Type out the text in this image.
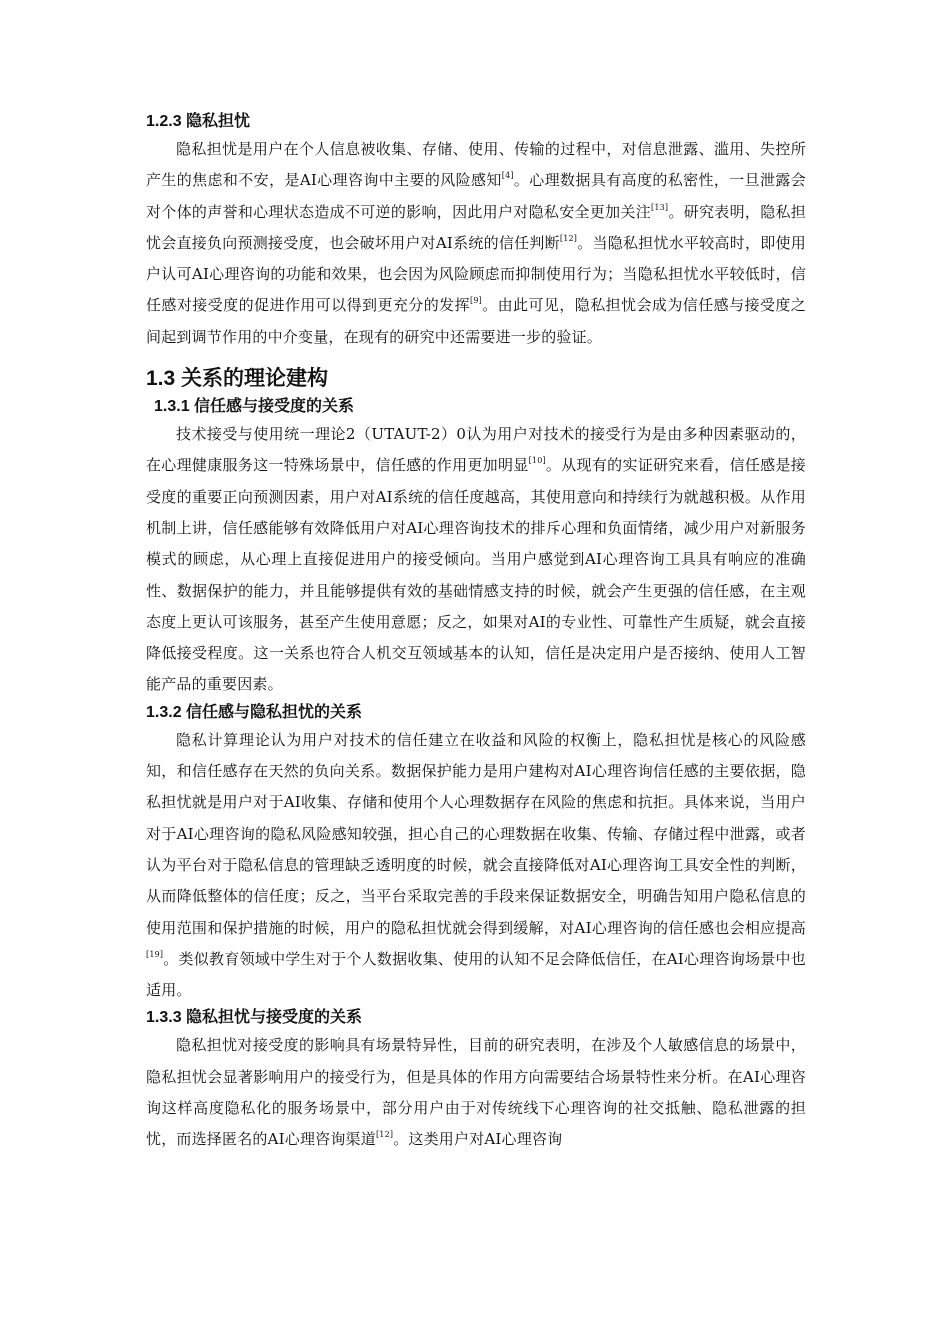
1.2.3 隐私担忧

隐私担忧是用户在个人信息被收集、存储、使用、传输的过程中，对信息泄露、滥用、失控所产生的焦虑和不安，是AI心理咨询中主要的风险感知[4]。心理数据具有高度的私密性，一旦泄露会对个体的声誉和心理状态造成不可逆的影响，因此用户对隐私安全更加关注[13]。研究表明，隐私担忧会直接负向预测接受度，也会破坏用户对AI系统的信任判断[12]。当隐私担忧水平较高时，即使用户认可AI心理咨询的功能和效果，也会因为风险顾虑而抑制使用行为；当隐私担忧水平较低时，信任感对接受度的促进作用可以得到更充分的发挥[9]。由此可见，隐私担忧会成为信任感与接受度之间起到调节作用的中介变量，在现有的研究中还需要进一步的验证。

1.3 关系的理论建构
1.3.1 信任感与接受度的关系

技术接受与使用统一理论2（UTAUT-2）0认为用户对技术的接受行为是由多种因素驱动的，在心理健康服务这一特殊场景中，信任感的作用更加明显[10]。从现有的实证研究来看，信任感是接受度的重要正向预测因素，用户对AI系统的信任度越高，其使用意向和持续行为就越积极。从作用机制上讲，信任感能够有效降低用户对AI心理咨询技术的排斥心理和负面情绪，减少用户对新服务模式的顾虑，从心理上直接促进用户的接受倾向。当用户感觉到AI心理咨询工具具有响应的准确性、数据保护的能力，并且能够提供有效的基础情感支持的时候，就会产生更强的信任感，在主观态度上更认可该服务，甚至产生使用意愿；反之，如果对AI的专业性、可靠性产生质疑，就会直接降低接受程度。这一关系也符合人机交互领域基本的认知，信任是决定用户是否接纳、使用人工智能产品的重要因素。

1.3.2 信任感与隐私担忧的关系

隐私计算理论认为用户对技术的信任建立在收益和风险的权衡上，隐私担忧是核心的风险感知，和信任感存在天然的负向关系。数据保护能力是用户建构对AI心理咨询信任感的主要依据，隐私担忧就是用户对于AI收集、存储和使用个人心理数据存在风险的焦虑和抗拒。具体来说，当用户对于AI心理咨询的隐私风险感知较强，担心自己的心理数据在收集、传输、存储过程中泄露，或者认为平台对于隐私信息的管理缺乏透明度的时候，就会直接降低对AI心理咨询工具安全性的判断，从而降低整体的信任度；反之，当平台采取完善的手段来保证数据安全，明确告知用户隐私信息的使用范围和保护措施的时候，用户的隐私担忧就会得到缓解，对AI心理咨询的信任感也会相应提高[19]。类似教育领域中学生对于个人数据收集、使用的认知不足会降低信任，在AI心理咨询场景中也适用。

1.3.3 隐私担忧与接受度的关系

隐私担忧对接受度的影响具有场景特异性，目前的研究表明，在涉及个人敏感信息的场景中，隐私担忧会显著影响用户的接受行为，但是具体的作用方向需要结合场景特性来分析。在AI心理咨询这样高度隐私化的服务场景中，部分用户由于对传统线下心理咨询的社交抵触、隐私泄露的担忧，而选择匿名的AI心理咨询渠道[12]。这类用户对AI心理咨询
